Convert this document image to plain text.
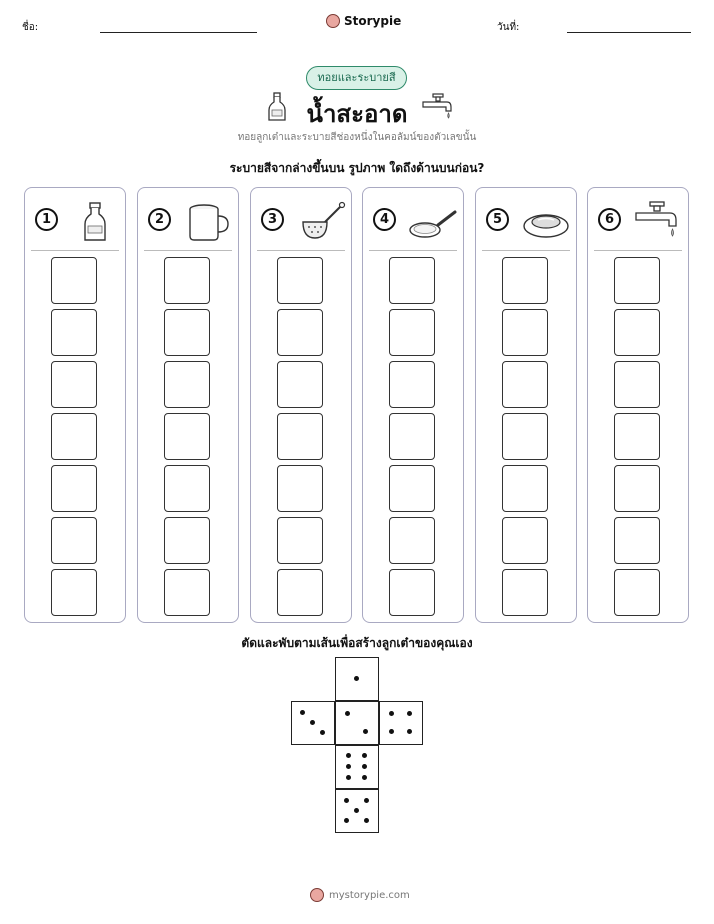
ชื่อ:	Storypie	วันที่:
ทอยและระบายสี
น้ำสะอาด
ทอยลูกเต๋าและระบายสีช่องหนึ่งในคอลัมน์ของตัวเลขนั้น
ระบายสีจากล่างขึ้นบน รูปภาพ ใดถึงด้านบนก่อน?
1	2	3	4	5	6
ตัดและพับตามเส้นเพื่อสร้างลูกเต๋าของคุณเอง
mystorypie.com
